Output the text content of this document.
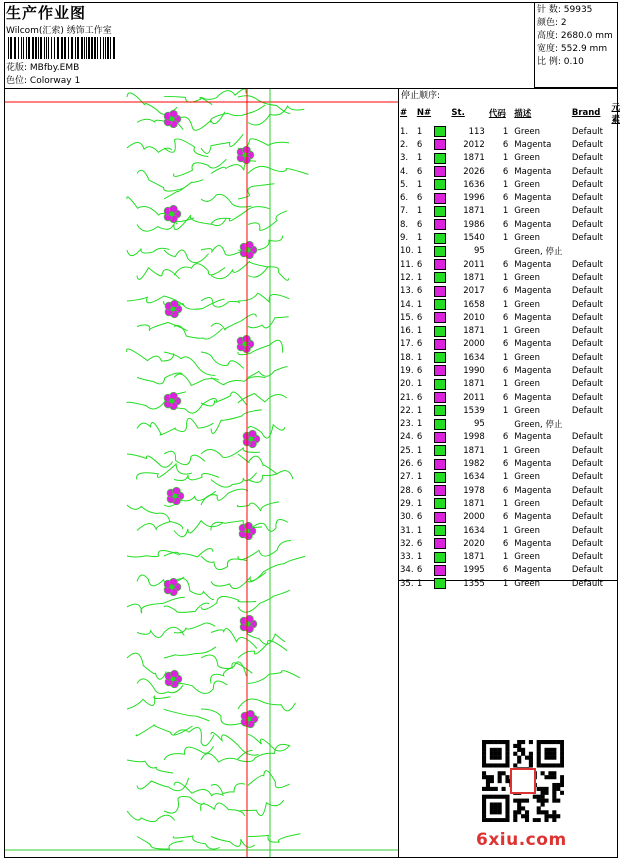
生产作业图
Wilcom(汇索) 绣饰工作室
花版: MBfby.EMB
色位: Colorway 1
针 数: 59935
颜色: 2
高度: 2680.0 mm
宽度: 552.9 mm
比 例: 0.10
停止顺序:
#	N#		St.	代码	描述	Brand	元素
1.	1		113	1	Green	Default	
2.	6		2012	6	Magenta	Default	
3.	1		1871	1	Green	Default	
4.	6		2026	6	Magenta	Default	
5.	1		1636	1	Green	Default	
6.	6		1996	6	Magenta	Default	
7.	1		1871	1	Green	Default	
8.	6		1986	6	Magenta	Default	
9.	1		1540	1	Green	Default	
10.	1		95		Green, 停止		
11.	6		2011	6	Magenta	Default	
12.	1		1871	1	Green	Default	
13.	6		2017	6	Magenta	Default	
14.	1		1658	1	Green	Default	
15.	6		2010	6	Magenta	Default	
16.	1		1871	1	Green	Default	
17.	6		2000	6	Magenta	Default	
18.	1		1634	1	Green	Default	
19.	6		1990	6	Magenta	Default	
20.	1		1871	1	Green	Default	
21.	6		2011	6	Magenta	Default	
22.	1		1539	1	Green	Default	
23.	1		95		Green, 停止		
24.	6		1998	6	Magenta	Default	
25.	1		1871	1	Green	Default	
26.	6		1982	6	Magenta	Default	
27.	1		1634	1	Green	Default	
28.	6		1978	6	Magenta	Default	
29.	1		1871	1	Green	Default	
30.	6		2000	6	Magenta	Default	
31.	1		1634	1	Green	Default	
32.	6		2020	6	Magenta	Default	
33.	1		1871	1	Green	Default	
34.	6		1995	6	Magenta	Default	
35.	1		1355	1	Green	Default	
6xiu.com
